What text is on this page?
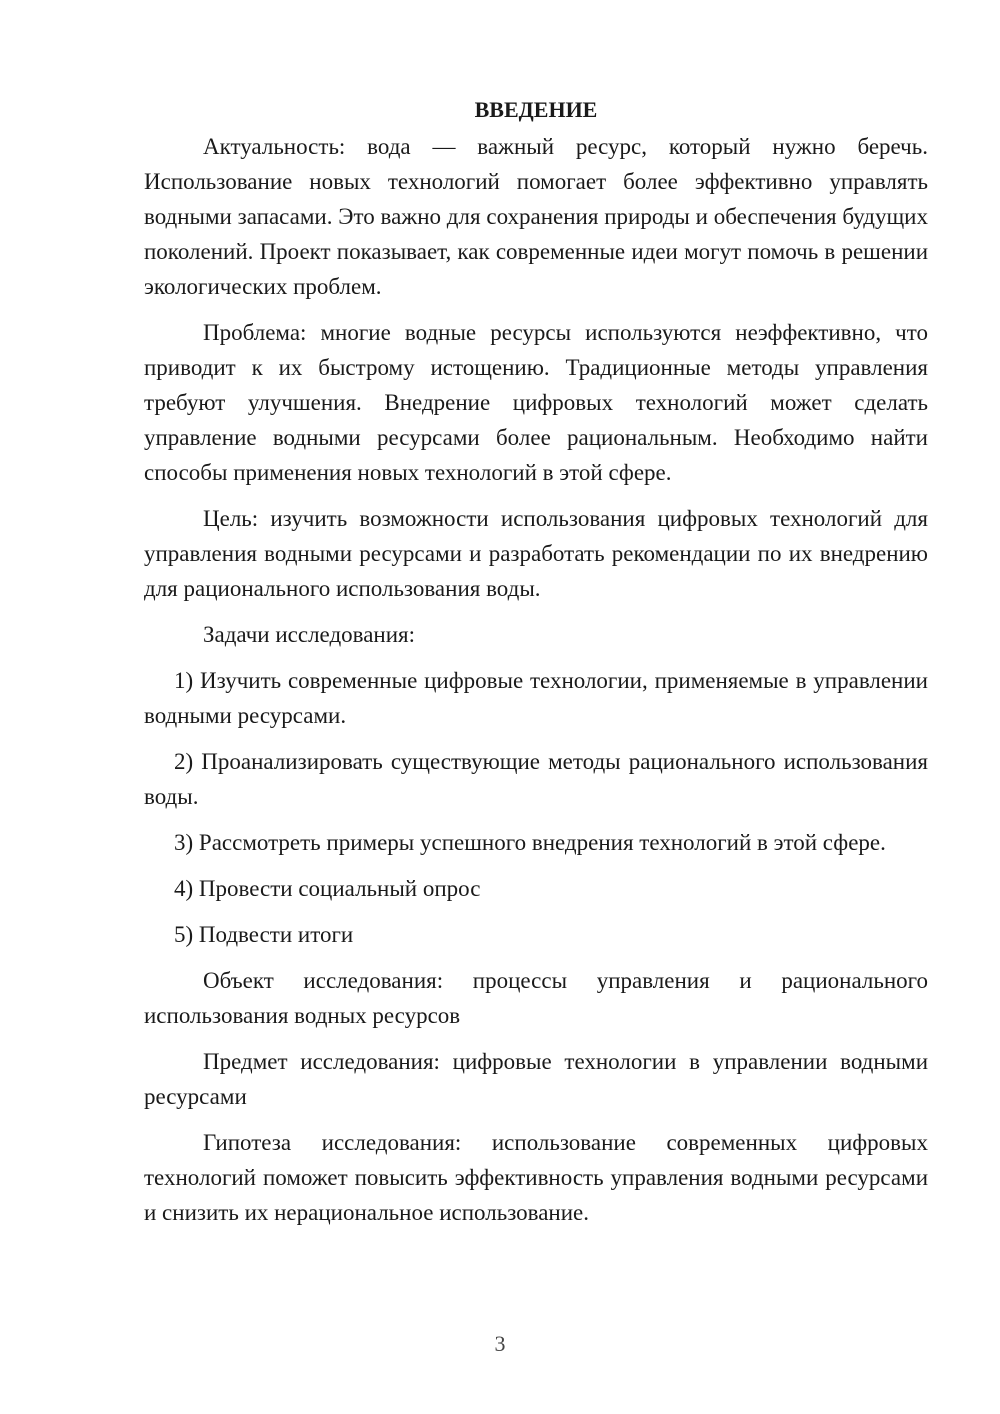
ВВЕДЕНИЕ

Актуальность: вода — важный ресурс, который нужно беречь. Использование новых технологий помогает более эффективно управлять водными запасами. Это важно для сохранения природы и обеспечения будущих поколений. Проект показывает, как современные идеи могут помочь в решении экологических проблем.

Проблема: многие водные ресурсы используются неэффективно, что приводит к их быстрому истощению. Традиционные методы управления требуют улучшения. Внедрение цифровых технологий может сделать управление водными ресурсами более рациональным. Необходимо найти способы применения новых технологий в этой сфере.

Цель: изучить возможности использования цифровых технологий для управления водными ресурсами и разработать рекомендации по их внедрению для рационального использования воды.

Задачи исследования:

1) Изучить современные цифровые технологии, применяемые в управлении водными ресурсами.

2) Проанализировать существующие методы рационального использования воды.

3) Рассмотреть примеры успешного внедрения технологий в этой сфере.

4) Провести социальный опрос

5) Подвести итоги

Объект исследования: процессы управления и рационального использования водных ресурсов

Предмет исследования: цифровые технологии в управлении водными ресурсами

Гипотеза исследования: использование современных цифровых технологий поможет повысить эффективность управления водными ресурсами и снизить их нерациональное использование.

3
